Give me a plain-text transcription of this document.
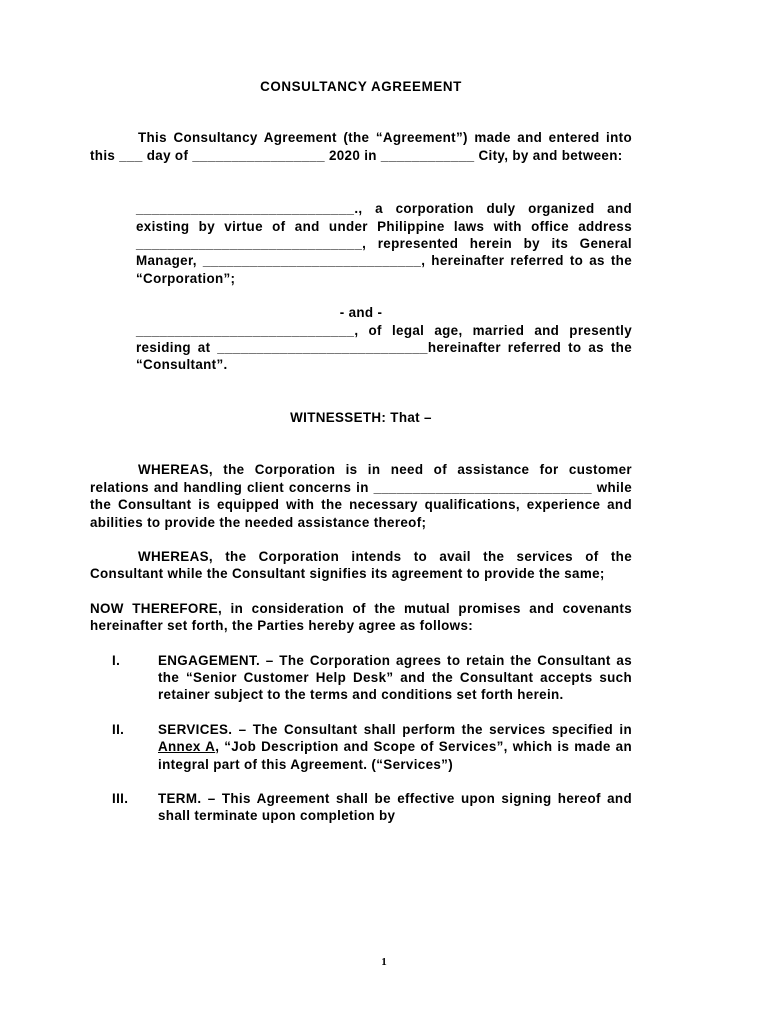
CONSULTANCY AGREEMENT

This Consultancy Agreement (the “Agreement”) made and entered into this ___ day of _________________ 2020 in ____________ City, by and between:

____________________________., a corporation duly organized and existing by virtue of and under Philippine laws with office address _____________________________, represented herein by its General Manager, ____________________________, hereinafter referred to as the “Corporation”;

- and -

____________________________, of legal age, married and presently residing at ___________________________hereinafter referred to as the “Consultant”.

WITNESSETH: That –

WHEREAS, the Corporation is in need of assistance for customer relations and handling client concerns in ____________________________ while the Consultant is equipped with the necessary qualifications, experience and abilities to provide the needed assistance thereof;

WHEREAS, the Corporation intends to avail the services of the Consultant while the Consultant signifies its agreement to provide the same;

NOW THEREFORE, in consideration of the mutual promises and covenants hereinafter set forth, the Parties hereby agree as follows:

I.	ENGAGEMENT. – The Corporation agrees to retain the Consultant as the “Senior Customer Help Desk” and the Consultant accepts such retainer subject to the terms and conditions set forth herein.
II.	SERVICES. – The Consultant shall perform the services specified in Annex A, “Job Description and Scope of Services”, which is made an integral part of this Agreement. (“Services”)
III.	TERM. – This Agreement shall be effective upon signing hereof and shall terminate upon completion by
1
